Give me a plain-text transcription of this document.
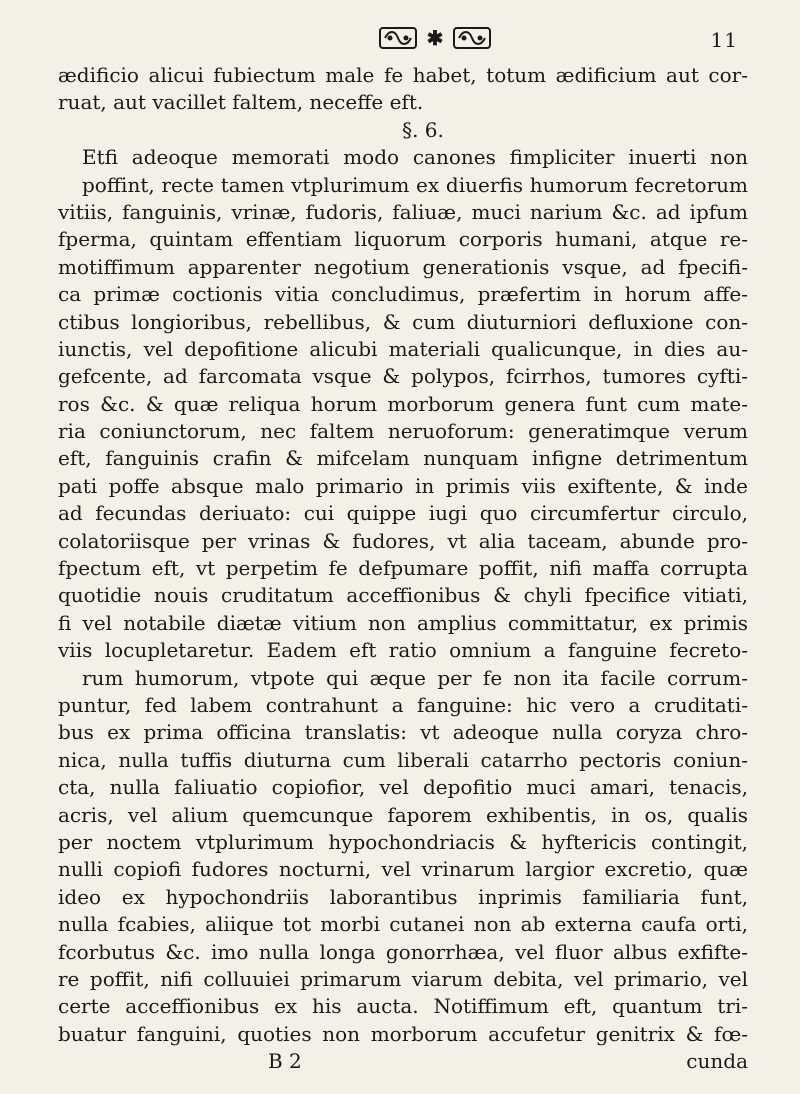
✱	11
ædificio alicui fubiectum male fe habet, totum ædificium aut cor-
ruat, aut vacillet faltem, neceffe eft.
§. 6.
Etfi adeoque memorati modo canones fimpliciter inuerti non
poffint, recte tamen vtplurimum ex diuerfis humorum fecretorum
vitiis, fanguinis, vrinæ, fudoris, faliuæ, muci narium &c. ad ipfum
fperma, quintam effentiam liquorum corporis humani, atque re-
motiffimum apparenter negotium generationis vsque, ad fpecifi-
ca primæ coctionis vitia concludimus, præfertim in horum affe-
ctibus longioribus, rebellibus, & cum diuturniori defluxione con-
iunctis, vel depofitione alicubi materiali qualicunque, in dies au-
gefcente, ad farcomata vsque & polypos, fcirrhos, tumores cyfti-
ros &c. & quæ reliqua horum morborum genera funt cum mate-
ria coniunctorum, nec faltem neruoforum: generatimque verum
eft, fanguinis crafin & mifcelam nunquam infigne detrimentum
pati poffe absque malo primario in primis viis exiftente, & inde
ad fecundas deriuato: cui quippe iugi quo circumfertur circulo,
colatoriisque per vrinas & fudores, vt alia taceam, abunde pro-
fpectum eft, vt perpetim fe defpumare poffit, nifi maffa corrupta
quotidie nouis cruditatum acceffionibus & chyli fpecifice vitiati,
fi vel notabile diætæ vitium non amplius committatur, ex primis
viis locupletaretur. Eadem eft ratio omnium a fanguine fecreto-
rum humorum, vtpote qui æque per fe non ita facile corrum-
puntur, fed labem contrahunt a fanguine: hic vero a cruditati-
bus ex prima officina translatis: vt adeoque nulla coryza chro-
nica, nulla tuffis diuturna cum liberali catarrho pectoris coniun-
cta, nulla faliuatio copiofior, vel depofitio muci amari, tenacis,
acris, vel alium quemcunque faporem exhibentis, in os, qualis
per noctem vtplurimum hypochondriacis & hyftericis contingit,
nulli copiofi fudores nocturni, vel vrinarum largior excretio, quæ
ideo ex hypochondriis laborantibus inprimis familiaria funt,
nulla fcabies, aliique tot morbi cutanei non ab externa caufa orti,
fcorbutus &c. imo nulla longa gonorrhæa, vel fluor albus exfifte-
re poffit, nifi colluuiei primarum viarum debita, vel primario, vel
certe acceffionibus ex his aucta. Notiffimum eft, quantum tri-
buatur fanguini, quoties non morborum accufetur genitrix & fœ-
B 2	cunda
